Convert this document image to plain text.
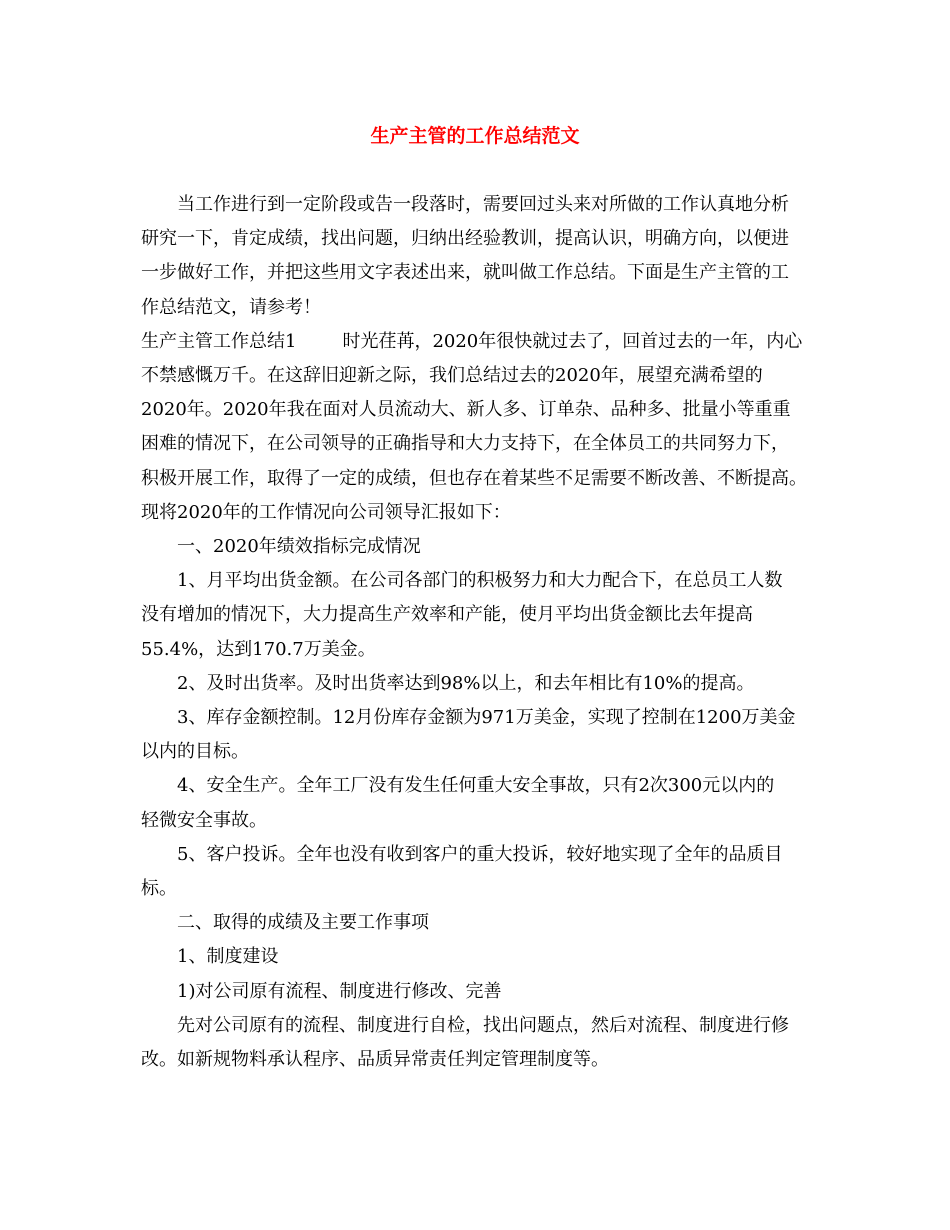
生产主管的工作总结范文

当工作进行到一定阶段或告一段落时，需要回过头来对所做的工作认真地分析

研究一下，肯定成绩，找出问题，归纳出经验教训，提高认识，明确方向，以便进

一步做好工作，并把这些用文字表述出来，就叫做工作总结。下面是生产主管的工

作总结范文，请参考！

生产主管工作总结1	时光荏苒，2020年很快就过去了，回首过去的一年，内心

不禁感慨万千。在这辞旧迎新之际，我们总结过去的2020年，展望充满希望的

2020年。2020年我在面对人员流动大、新人多、订单杂、品种多、批量小等重重

困难的情况下，在公司领导的正确指导和大力支持下，在全体员工的共同努力下，

积极开展工作，取得了一定的成绩，但也存在着某些不足需要不断改善、不断提高。

现将2020年的工作情况向公司领导汇报如下：

一、2020年绩效指标完成情况

1、月平均出货金额。在公司各部门的积极努力和大力配合下，在总员工人数

没有增加的情况下，大力提高生产效率和产能，使月平均出货金额比去年提高

55.4%，达到170.7万美金。

2、及时出货率。及时出货率达到98%以上，和去年相比有10%的提高。

3、库存金额控制。12月份库存金额为971万美金，实现了控制在1200万美金

以内的目标。

4、安全生产。全年工厂没有发生任何重大安全事故，只有2次300元以内的

轻微安全事故。

5、客户投诉。全年也没有收到客户的重大投诉，较好地实现了全年的品质目

标。

二、取得的成绩及主要工作事项

1、制度建设

1)对公司原有流程、制度进行修改、完善

先对公司原有的流程、制度进行自检，找出问题点，然后对流程、制度进行修

改。如新规物料承认程序、品质异常责任判定管理制度等。
